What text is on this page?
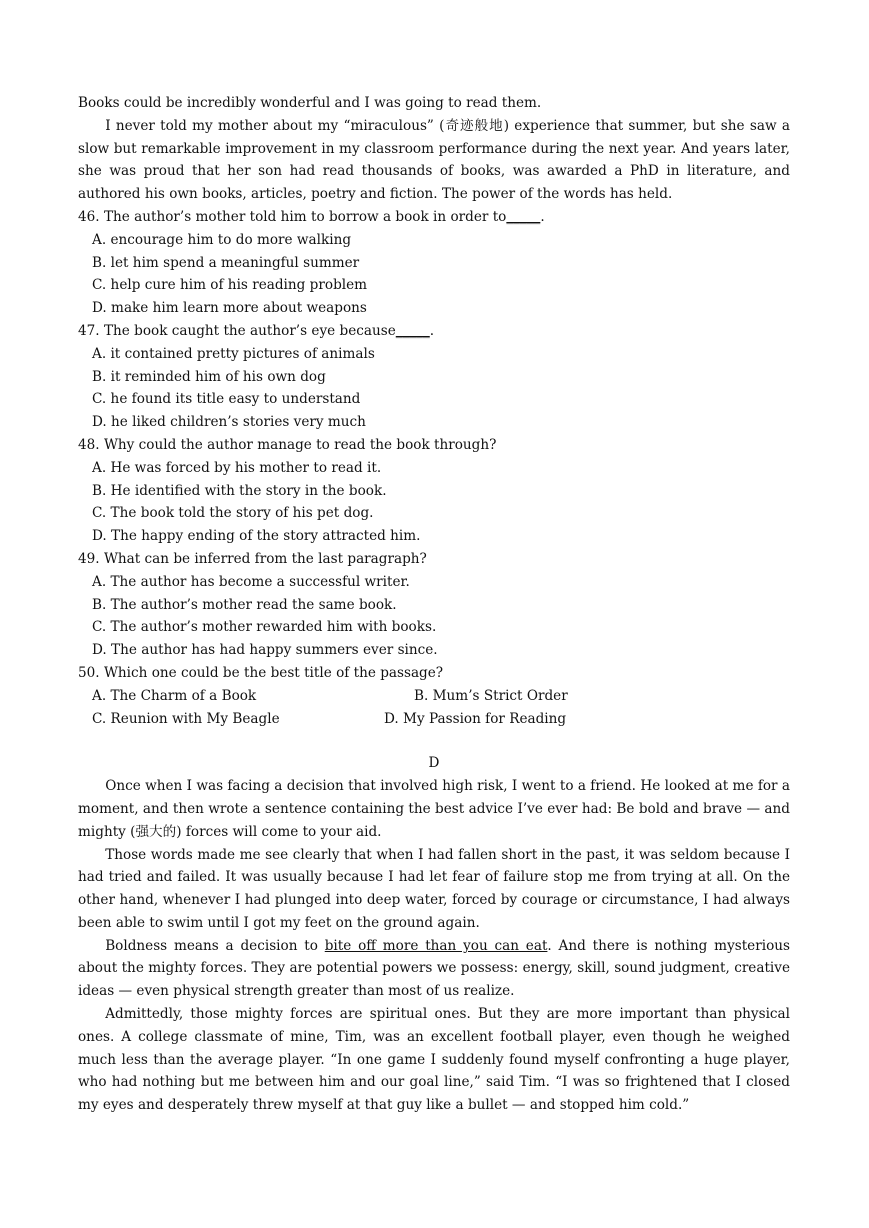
Books could be incredibly wonderful and I was going to read them.

I never told my mother about my “miraculous” (奇迹般地) experience that summer, but she saw a slow but remarkable improvement in my classroom performance during the next year. And years later, she was proud that her son had read thousands of books, was awarded a PhD in literature, and authored his own books, articles, poetry and fiction. The power of the words has held.

46. The author’s mother told him to borrow a book in order to_____.

A. encourage him to do more walking

B. let him spend a meaningful summer

C. help cure him of his reading problem

D. make him learn more about weapons

47. The book caught the author’s eye because_____.

A. it contained pretty pictures of animals

B. it reminded him of his own dog

C. he found its title easy to understand

D. he liked children’s stories very much

48. Why could the author manage to read the book through?

A. He was forced by his mother to read it.

B. He identified with the story in the book.

C. The book told the story of his pet dog.

D. The happy ending of the story attracted him.

49. What can be inferred from the last paragraph?

A. The author has become a successful writer.

B. The author’s mother read the same book.

C. The author’s mother rewarded him with books.

D. The author has had happy summers ever since.

50. Which one could be the best title of the passage?

A. The Charm of a Book	B. Mum’s Strict Order
C. Reunion with My Beagle	D. My Passion for Reading

D

Once when I was facing a decision that involved high risk, I went to a friend. He looked at me for a moment, and then wrote a sentence containing the best advice I’ve ever had: Be bold and brave — and mighty (强大的) forces will come to your aid.

Those words made me see clearly that when I had fallen short in the past, it was seldom because I had tried and failed. It was usually because I had let fear of failure stop me from trying at all. On the other hand, whenever I had plunged into deep water, forced by courage or circumstance, I had always been able to swim until I got my feet on the ground again.

Boldness means a decision to bite off more than you can eat. And there is nothing mysterious about the mighty forces. They are potential powers we possess: energy, skill, sound judgment, creative ideas — even physical strength greater than most of us realize.

Admittedly, those mighty forces are spiritual ones. But they are more important than physical ones. A college classmate of mine, Tim, was an excellent football player, even though he weighed much less than the average player. “In one game I suddenly found myself confronting a huge player, who had nothing but me between him and our goal line,” said Tim. “I was so frightened that I closed my eyes and desperately threw myself at that guy like a bullet — and stopped him cold.”
